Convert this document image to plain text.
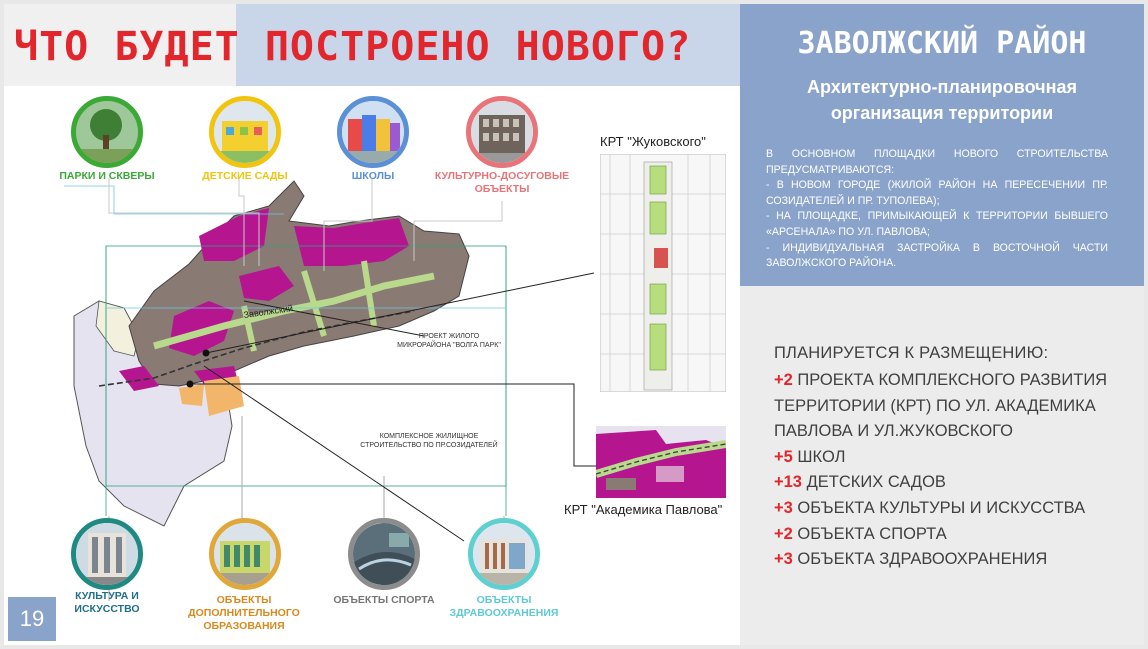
ЧТО БУДЕТ ПОСТРОЕНО НОВОГО?
Заволжский
ПРОЕКТ ЖИЛОГО
МИКРОРАЙОНА "ВОЛГА ПАРК"
КОМПЛЕКСНОЕ ЖИЛИЩНОЕ
СТРОИТЕЛЬСТВО ПО ПР.СОЗИДАТЕЛЕЙ
КРТ "Жуковского"
КРТ "Академика Павлова"
ПАРКИ И СКВЕРЫ	ДЕТСКИЕ САДЫ	ШКОЛЫ	КУЛЬТУРНО-ДОСУГОВЫЕ
ОБЪЕКТЫ
КУЛЬТУРА И
ИСКУССТВО
ОБЪЕКТЫ
ДОПОЛНИТЕЛЬНОГО
ОБРАЗОВАНИЯ
ОБЪЕКТЫ СПОРТА	ОБЪЕКТЫ
ЗДРАВООХРАНЕНИЯ
19
ЗАВОЛЖСКИЙ РАЙОН
Архитектурно-планировочная
организация территории

В ОСНОВНОМ ПЛОЩАДКИ НОВОГО СТРОИТЕЛЬСТВА ПРЕДУСМАТРИВАЮТСЯ:

- В НОВОМ ГОРОДЕ (ЖИЛОЙ РАЙОН НА ПЕРЕСЕЧЕНИИ ПР. СОЗИДАТЕЛЕЙ И ПР. ТУПОЛЕВА);

- НА ПЛОЩАДКЕ, ПРИМЫКАЮЩЕЙ К ТЕРРИТОРИИ БЫВШЕГО «АРСЕНАЛА» ПО УЛ. ПАВЛОВА;

- ИНДИВИДУАЛЬНАЯ ЗАСТРОЙКА В ВОСТОЧНОЙ ЧАСТИ ЗАВОЛЖСКОГО РАЙОНА.

ПЛАНИРУЕТСЯ К РАЗМЕЩЕНИЮ:
+2 ПРОЕКТА КОМПЛЕКСНОГО РАЗВИТИЯ ТЕРРИТОРИИ (КРТ) ПО УЛ. АКАДЕМИКА ПАВЛОВА И УЛ.ЖУКОВСКОГО
+5 ШКОЛ
+13 ДЕТСКИХ САДОВ
+3 ОБЪЕКТА КУЛЬТУРЫ И ИСКУССТВА
+2 ОБЪЕКТА СПОРТА
+3 ОБЪЕКТА ЗДРАВООХРАНЕНИЯ
